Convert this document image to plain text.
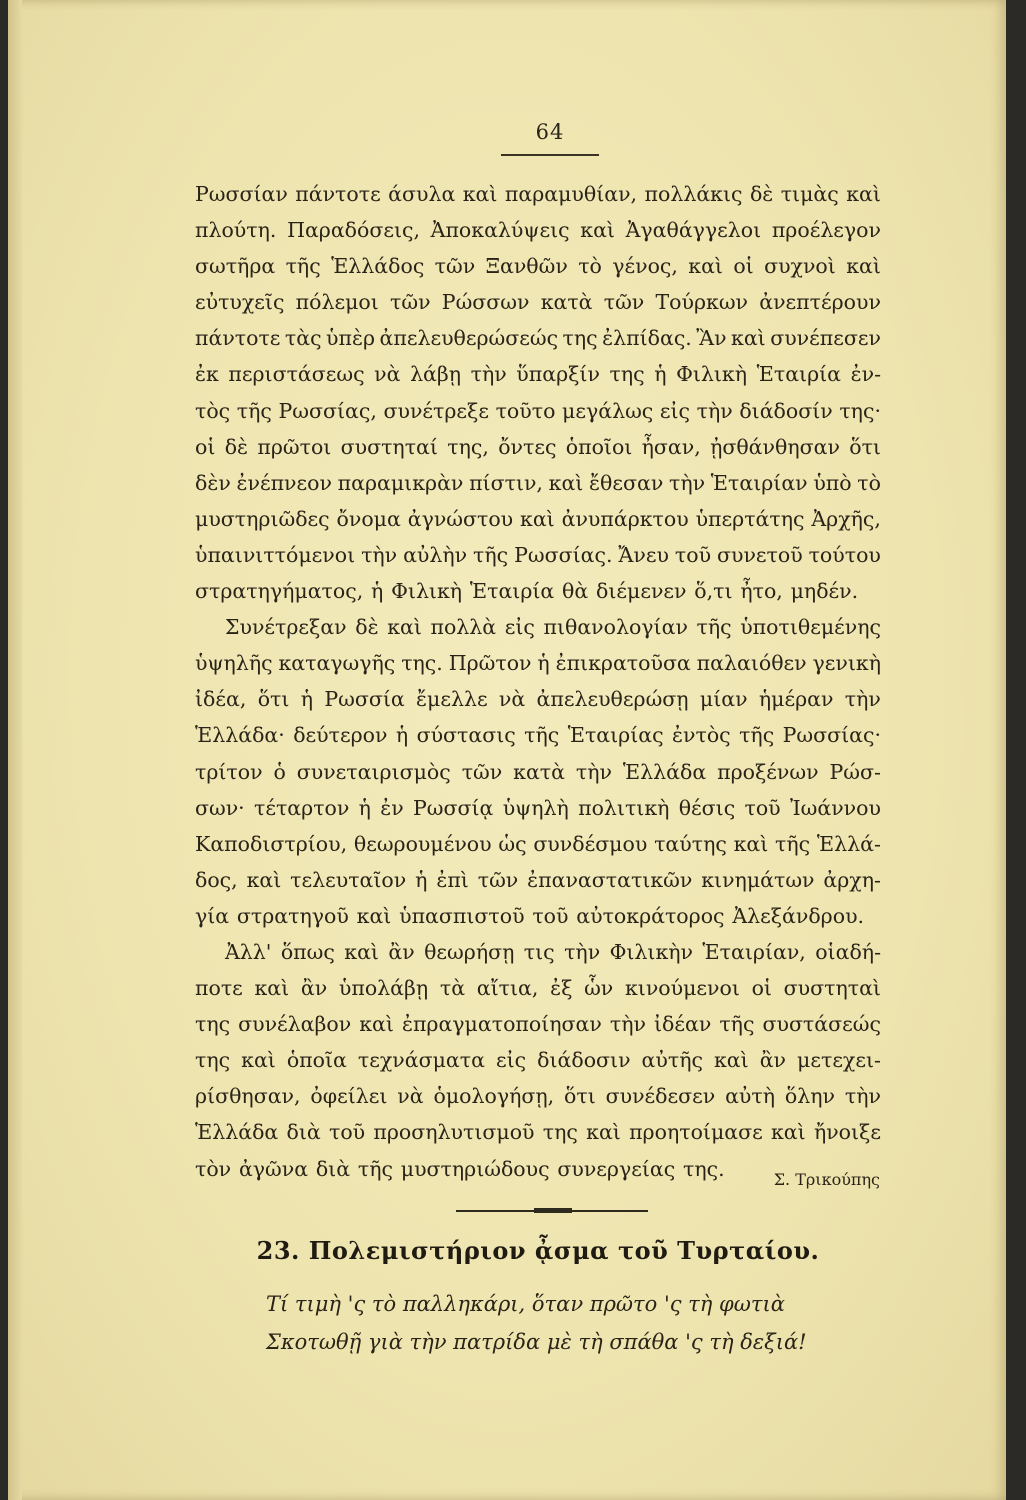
64
Ρωσσίαν πάντοτε άσυλα καὶ παραμυθίαν, πολλάκις δὲ τιμὰς καὶ
πλούτη. Παραδόσεις, Ἀποκαλύψεις καὶ Ἀγαθάγγελοι προέλεγον
σωτῆρα τῆς Ἑλλάδος τῶν Ξανθῶν τὸ γένος, καὶ οἱ συχνοὶ καὶ
εὐτυχεῖς πόλεμοι τῶν Ρώσσων κατὰ τῶν Τούρκων ἀνεπτέρουν
πάντοτε τὰς ὑπὲρ ἀπελευθερώσεώς της ἐλπίδας. Ἂν καὶ συνέπεσεν
ἐκ περιστάσεως νὰ λάβῃ τὴν ὕπαρξίν της ἡ Φιλικὴ Ἑταιρία ἐν-
τὸς τῆς Ρωσσίας, συνέτρεξε τοῦτο μεγάλως εἰς τὴν διάδοσίν της·
οἱ δὲ πρῶτοι συστηταί της, ὄντες ὁποῖοι ἦσαν, ᾐσθάνθησαν ὅτι
δὲν ἐνέπνεον παραμικρὰν πίστιν, καὶ ἔθεσαν τὴν Ἑταιρίαν ὑπὸ τὸ
μυστηριῶδες ὄνομα ἀγνώστου καὶ ἀνυπάρκτου ὑπερτάτης Ἀρχῆς,
ὑπαινιττόμενοι τὴν αὐλὴν τῆς Ρωσσίας. Ἄνευ τοῦ συνετοῦ τούτου
στρατηγήματος, ἡ Φιλικὴ Ἑταιρία θὰ διέμενεν ὅ,τι ἦτο, μηδέν.
Συνέτρεξαν δὲ καὶ πολλὰ εἰς πιθανολογίαν τῆς ὑποτιθεμένης
ὑψηλῆς καταγωγῆς της. Πρῶτον ἡ ἐπικρατοῦσα παλαιόθεν γενικὴ
ἰδέα, ὅτι ἡ Ρωσσία ἔμελλε νὰ ἀπελευθερώσῃ μίαν ἡμέραν τὴν
Ἑλλάδα· δεύτερον ἡ σύστασις τῆς Ἑταιρίας ἐντὸς τῆς Ρωσσίας·
τρίτον ὁ συνεταιρισμὸς τῶν κατὰ τὴν Ἑλλάδα προξένων Ρώσ-
σων· τέταρτον ἡ ἐν Ρωσσίᾳ ὑψηλὴ πολιτικὴ θέσις τοῦ Ἰωάννου
Καποδιστρίου, θεωρουμένου ὡς συνδέσμου ταύτης καὶ τῆς Ἑλλά-
δος, καὶ τελευταῖον ἡ ἐπὶ τῶν ἐπαναστατικῶν κινημάτων ἀρχη-
γία στρατηγοῦ καὶ ὑπασπιστοῦ τοῦ αὐτοκράτορος Ἀλεξάνδρου.
Ἀλλ' ὅπως καὶ ἂν θεωρήσῃ τις τὴν Φιλικὴν Ἑταιρίαν, οἱαδή-
ποτε καὶ ἂν ὑπολάβῃ τὰ αἴτια, ἐξ ὧν κινούμενοι οἱ συστηταὶ
της συνέλαβον καὶ ἐπραγματοποίησαν τὴν ἰδέαν τῆς συστάσεώς
της καὶ ὁποῖα τεχνάσματα εἰς διάδοσιν αὐτῆς καὶ ἂν μετεχει-
ρίσθησαν, ὀφείλει νὰ ὁμολογήσῃ, ὅτι συνέδεσεν αὐτὴ ὅλην τὴν
Ἑλλάδα διὰ τοῦ προσηλυτισμοῦ της καὶ προητοίμασε καὶ ἤνοιξε
τὸν ἀγῶνα διὰ τῆς μυστηριώδους συνεργείας της.	Σ. Τρικούπης
23. Πολεμιστήριον ᾆσμα τοῦ Τυρταίου.
Τί τιμὴ 'ς τὸ παλληκάρι, ὅταν πρῶτο 'ς τὴ φωτιὰ
Σκοτωθῇ γιὰ τὴν πατρίδα μὲ τὴ σπάθα 'ς τὴ δεξιά!
